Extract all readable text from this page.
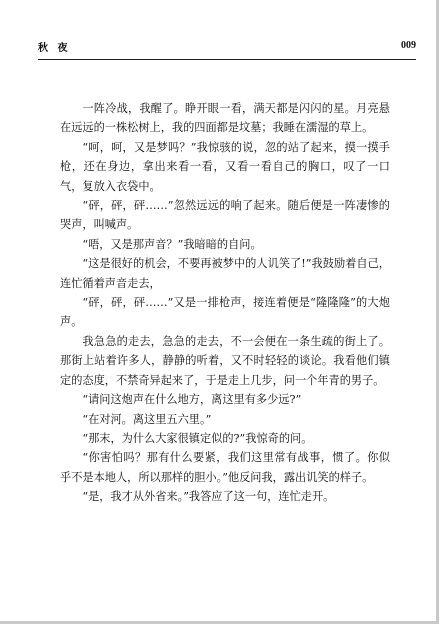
秋 夜	009

一阵冷战，我醒了。睁开眼一看，满天都是闪闪的星。月亮悬在远远的一株松树上，我的四面都是坟墓；我睡在濡湿的草上。

“呵，呵，又是梦吗？”我惊骇的说，忽的站了起来，摸一摸手枪，还在身边，拿出来看一看，又看一看自己的胸口，叹了一口气，复放入衣袋中。

“砰，砰，砰……”忽然远远的响了起来。随后便是一阵凄惨的哭声，叫喊声。

“唔，又是那声音？”我暗暗的自问。

“这是很好的机会，不要再被梦中的人讥笑了!”我鼓励着自己，连忙循着声音走去，

“砰，砰，砰……”又是一排枪声，接连着便是“隆隆隆”的大炮声。

我急急的走去，急急的走去，不一会便在一条生疏的街上了。那街上站着许多人，静静的听着，又不时轻轻的谈论。我看他们镇定的态度，不禁奇异起来了，于是走上几步，问一个年青的男子。

“请问这炮声在什么地方，离这里有多少远?”

“在对河。离这里五六里。”

“那末，为什么大家很镇定似的?”我惊奇的问。

“你害怕吗？那有什么要紧，我们这里常有战事，惯了。你似乎不是本地人，所以那样的胆小。”他反问我，露出讥笑的样子。

“是，我才从外省来。”我答应了这一句，连忙走开。
